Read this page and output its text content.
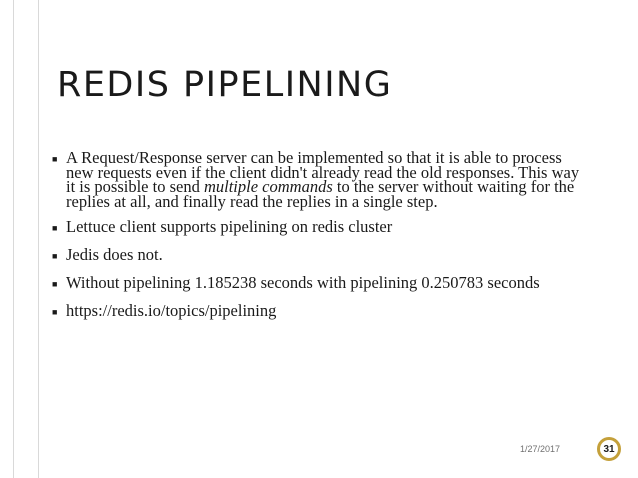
REDIS PIPELINING
■ A Request/Response server can be implemented so that it is able to process new requests even if the client didn't already read the old responses. This way it is possible to send multiple commands to the server without waiting for the replies at all, and finally read the replies in a single step.
■ Lettuce client supports pipelining on redis cluster
■ Jedis does not.
■ Without pipelining 1.185238 seconds with pipelining 0.250783 seconds
■ https://redis.io/topics/pipelining
1/27/2017	31
